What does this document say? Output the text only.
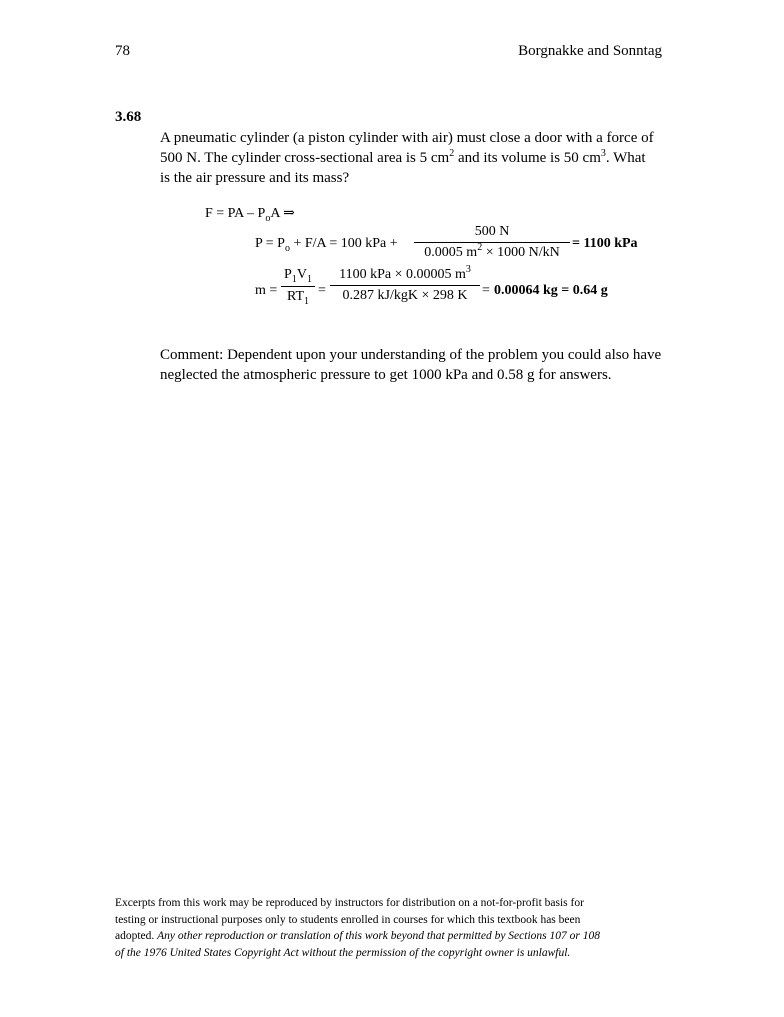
78	Borgnakke and Sonntag
3.68
A pneumatic cylinder (a piston cylinder with air) must close a door with a force of
500 N. The cylinder cross-sectional area is 5 $cm^2$ and its volume is 50 $cm^3$. What
is the air pressure and its mass?
F = PA – $P_oA$ ⇒
$P = P_o + F/A = 100$ kPa +
500 N
0.0005 $m^2 \times 1000$ N/kN
= 1100 kPa
m =
$P_1V_1$
$RT_1$
=
1100 kPa × 0.00005 $m^3$
0.287 kJ/kgK × 298 K	= 0.00064 kg = 0.64 g
Comment: Dependent upon your understanding of the problem you could also have
neglected the atmospheric pressure to get 1000 kPa and 0.58 g for answers.
Excerpts from this work may be reproduced by instructors for distribution on a not-for-profit basis for
testing or instructional purposes only to students enrolled in courses for which this textbook has been
adopted. Any other reproduction or translation of this work beyond that permitted by Sections 107 or 108
of the 1976 United States Copyright Act without the permission of the copyright owner is unlawful.
